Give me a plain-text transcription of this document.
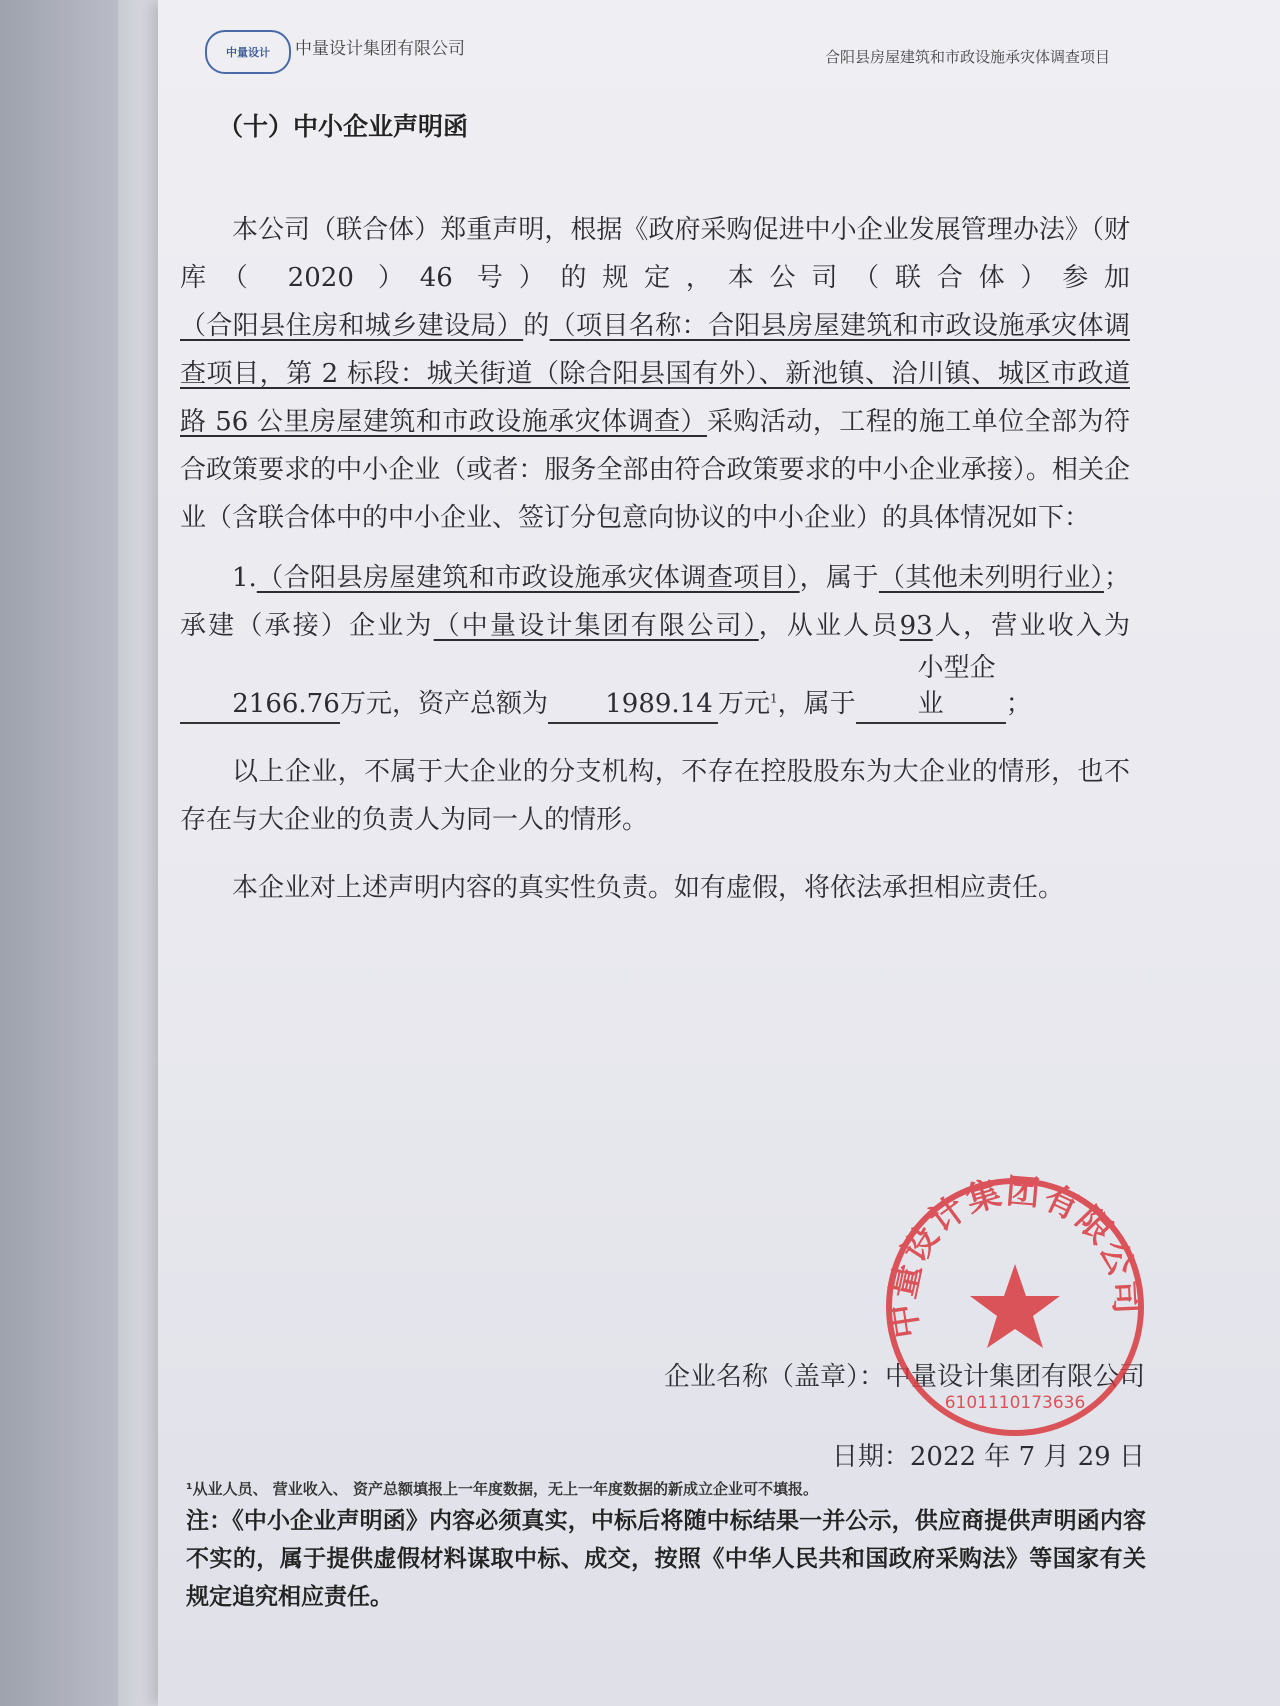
中量设计 中量设计集团有限公司	合阳县房屋建筑和市政设施承灾体调查项目
（十）中小企业声明函

本公司（联合体）郑重声明，根据《政府采购促进中小企业发展管理办法》（财库（ 2020 ）46 号）的规定，本公司（联合体）参加（合阳县住房和城乡建设局）的（项目名称：合阳县房屋建筑和市政设施承灾体调查项目，第 2 标段：城关街道（除合阳县国有外）、新池镇、洽川镇、城区市政道路 56 公里房屋建筑和市政设施承灾体调查）采购活动，工程的施工单位全部为符合政策要求的中小企业（或者：服务全部由符合政策要求的中小企业承接）。相关企业（含联合体中的中小企业、签订分包意向协议的中小企业）的具体情况如下：

1.（合阳县房屋建筑和市政设施承灾体调查项目），属于（其他未列明行业）；承建（承接）企业为（中量设计集团有限公司），从业人员93人，营业收入为2166.76万元，资产总额为 1989.14 万元$^1$，属于小型企业 ；

以上企业，不属于大企业的分支机构，不存在控股股东为大企业的情形，也不存在与大企业的负责人为同一人的情形。

本企业对上述声明内容的真实性负责。如有虚假，将依法承担相应责任。

企业名称（盖章）：中量设计集团有限公司
日期：2022 年 7 月 29 日
¹从业人员、 营业收入、 资产总额填报上一年度数据，无上一年度数据的新成立企业可不填报。

注：《中小企业声明函》内容必须真实，中标后将随中标结果一并公示，供应商提供声明函内容不实的，属于提供虚假材料谋取中标、成交，按照《中华人民共和国政府采购法》等国家有关规定追究相应责任。

中量设计集团有限公司
6101110173636
